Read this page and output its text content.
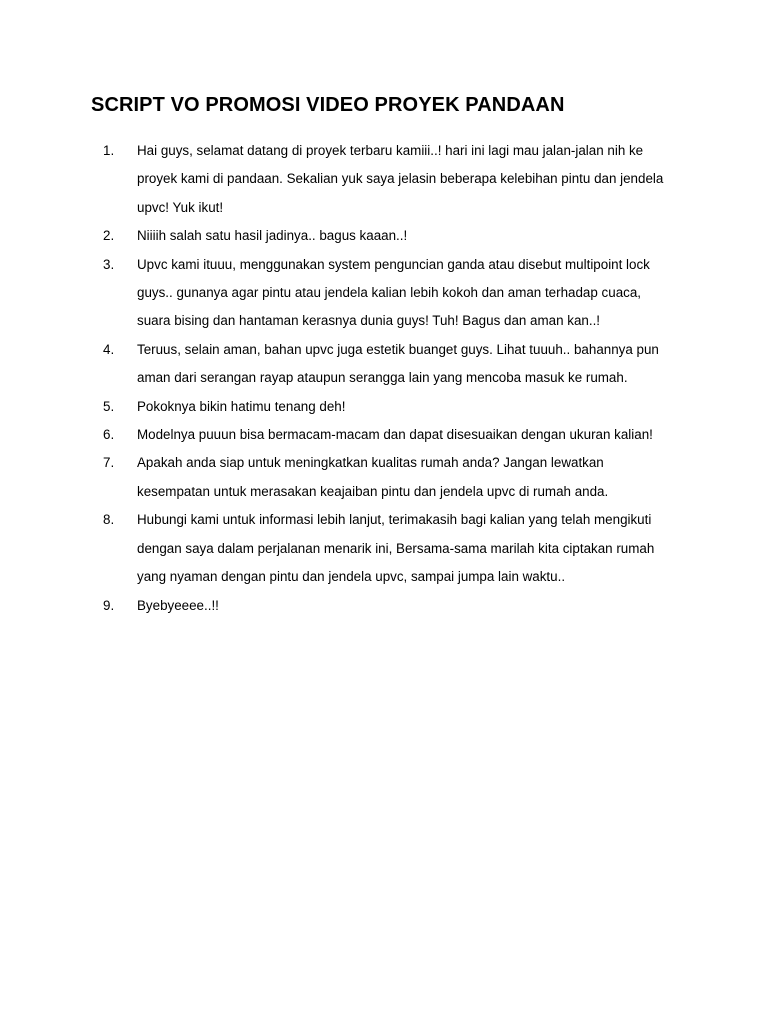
SCRIPT VO PROMOSI VIDEO PROYEK PANDAAN
1.	Hai guys, selamat datang di proyek terbaru kamiii..! hari ini lagi mau jalan-jalan nih ke
proyek kami di pandaan. Sekalian yuk saya jelasin beberapa kelebihan pintu dan jendela
upvc! Yuk ikut!
2.	Niiiih salah satu hasil jadinya.. bagus kaaan..!
3.	Upvc kami ituuu, menggunakan system penguncian ganda atau disebut multipoint lock
guys.. gunanya agar pintu atau jendela kalian lebih kokoh dan aman terhadap cuaca,
suara bising dan hantaman kerasnya dunia guys! Tuh! Bagus dan aman kan..!
4.	Teruus, selain aman, bahan upvc juga estetik buanget guys. Lihat tuuuh.. bahannya pun
aman dari serangan rayap ataupun serangga lain yang mencoba masuk ke rumah.
5.	Pokoknya bikin hatimu tenang deh!
6.	Modelnya puuun bisa bermacam-macam dan dapat disesuaikan dengan ukuran kalian!
7.	Apakah anda siap untuk meningkatkan kualitas rumah anda? Jangan lewatkan
kesempatan untuk merasakan keajaiban pintu dan jendela upvc di rumah anda.
8.	Hubungi kami untuk informasi lebih lanjut, terimakasih bagi kalian yang telah mengikuti
dengan saya dalam perjalanan menarik ini, Bersama-sama marilah kita ciptakan rumah
yang nyaman dengan pintu dan jendela upvc, sampai jumpa lain waktu..
9.	Byebyeeee..!!
